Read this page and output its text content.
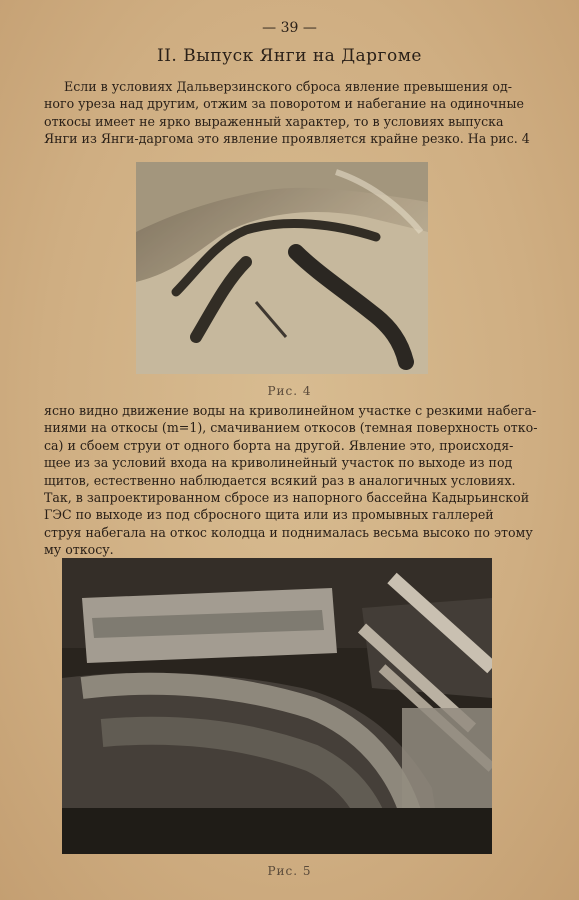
— 39 —
II. Выпуск Янги на Даргоме
Если в условиях Дальверзинского сброса явление превышения од-
ного уреза над другим, отжим за поворотом и набегание на одиночные
откосы имеет не ярко выраженный характер, то в условиях выпуска
Янги из Янги-даргома это явление проявляется крайне резко. На рис. 4
Рис. 4
ясно видно движение воды на криволинейном участке с резкими набега-
ниями на откосы (m=1), смачиванием откосов (темная поверхность отко-
са) и сбоем струи от одного борта на другой. Явление это, происходя-
щее из за условий входа на криволинейный участок по выходе из под
щитов, естественно наблюдается всякий раз в аналогичных условиях.
Так, в запроектированном сбросе из напорного бассейна Кадырьинской
ГЭС по выходе из под сбросного щита или из промывных галлерей
струя набегала на откос колодца и поднималась весьма высоко по этому
му откосу.
Рис. 5
